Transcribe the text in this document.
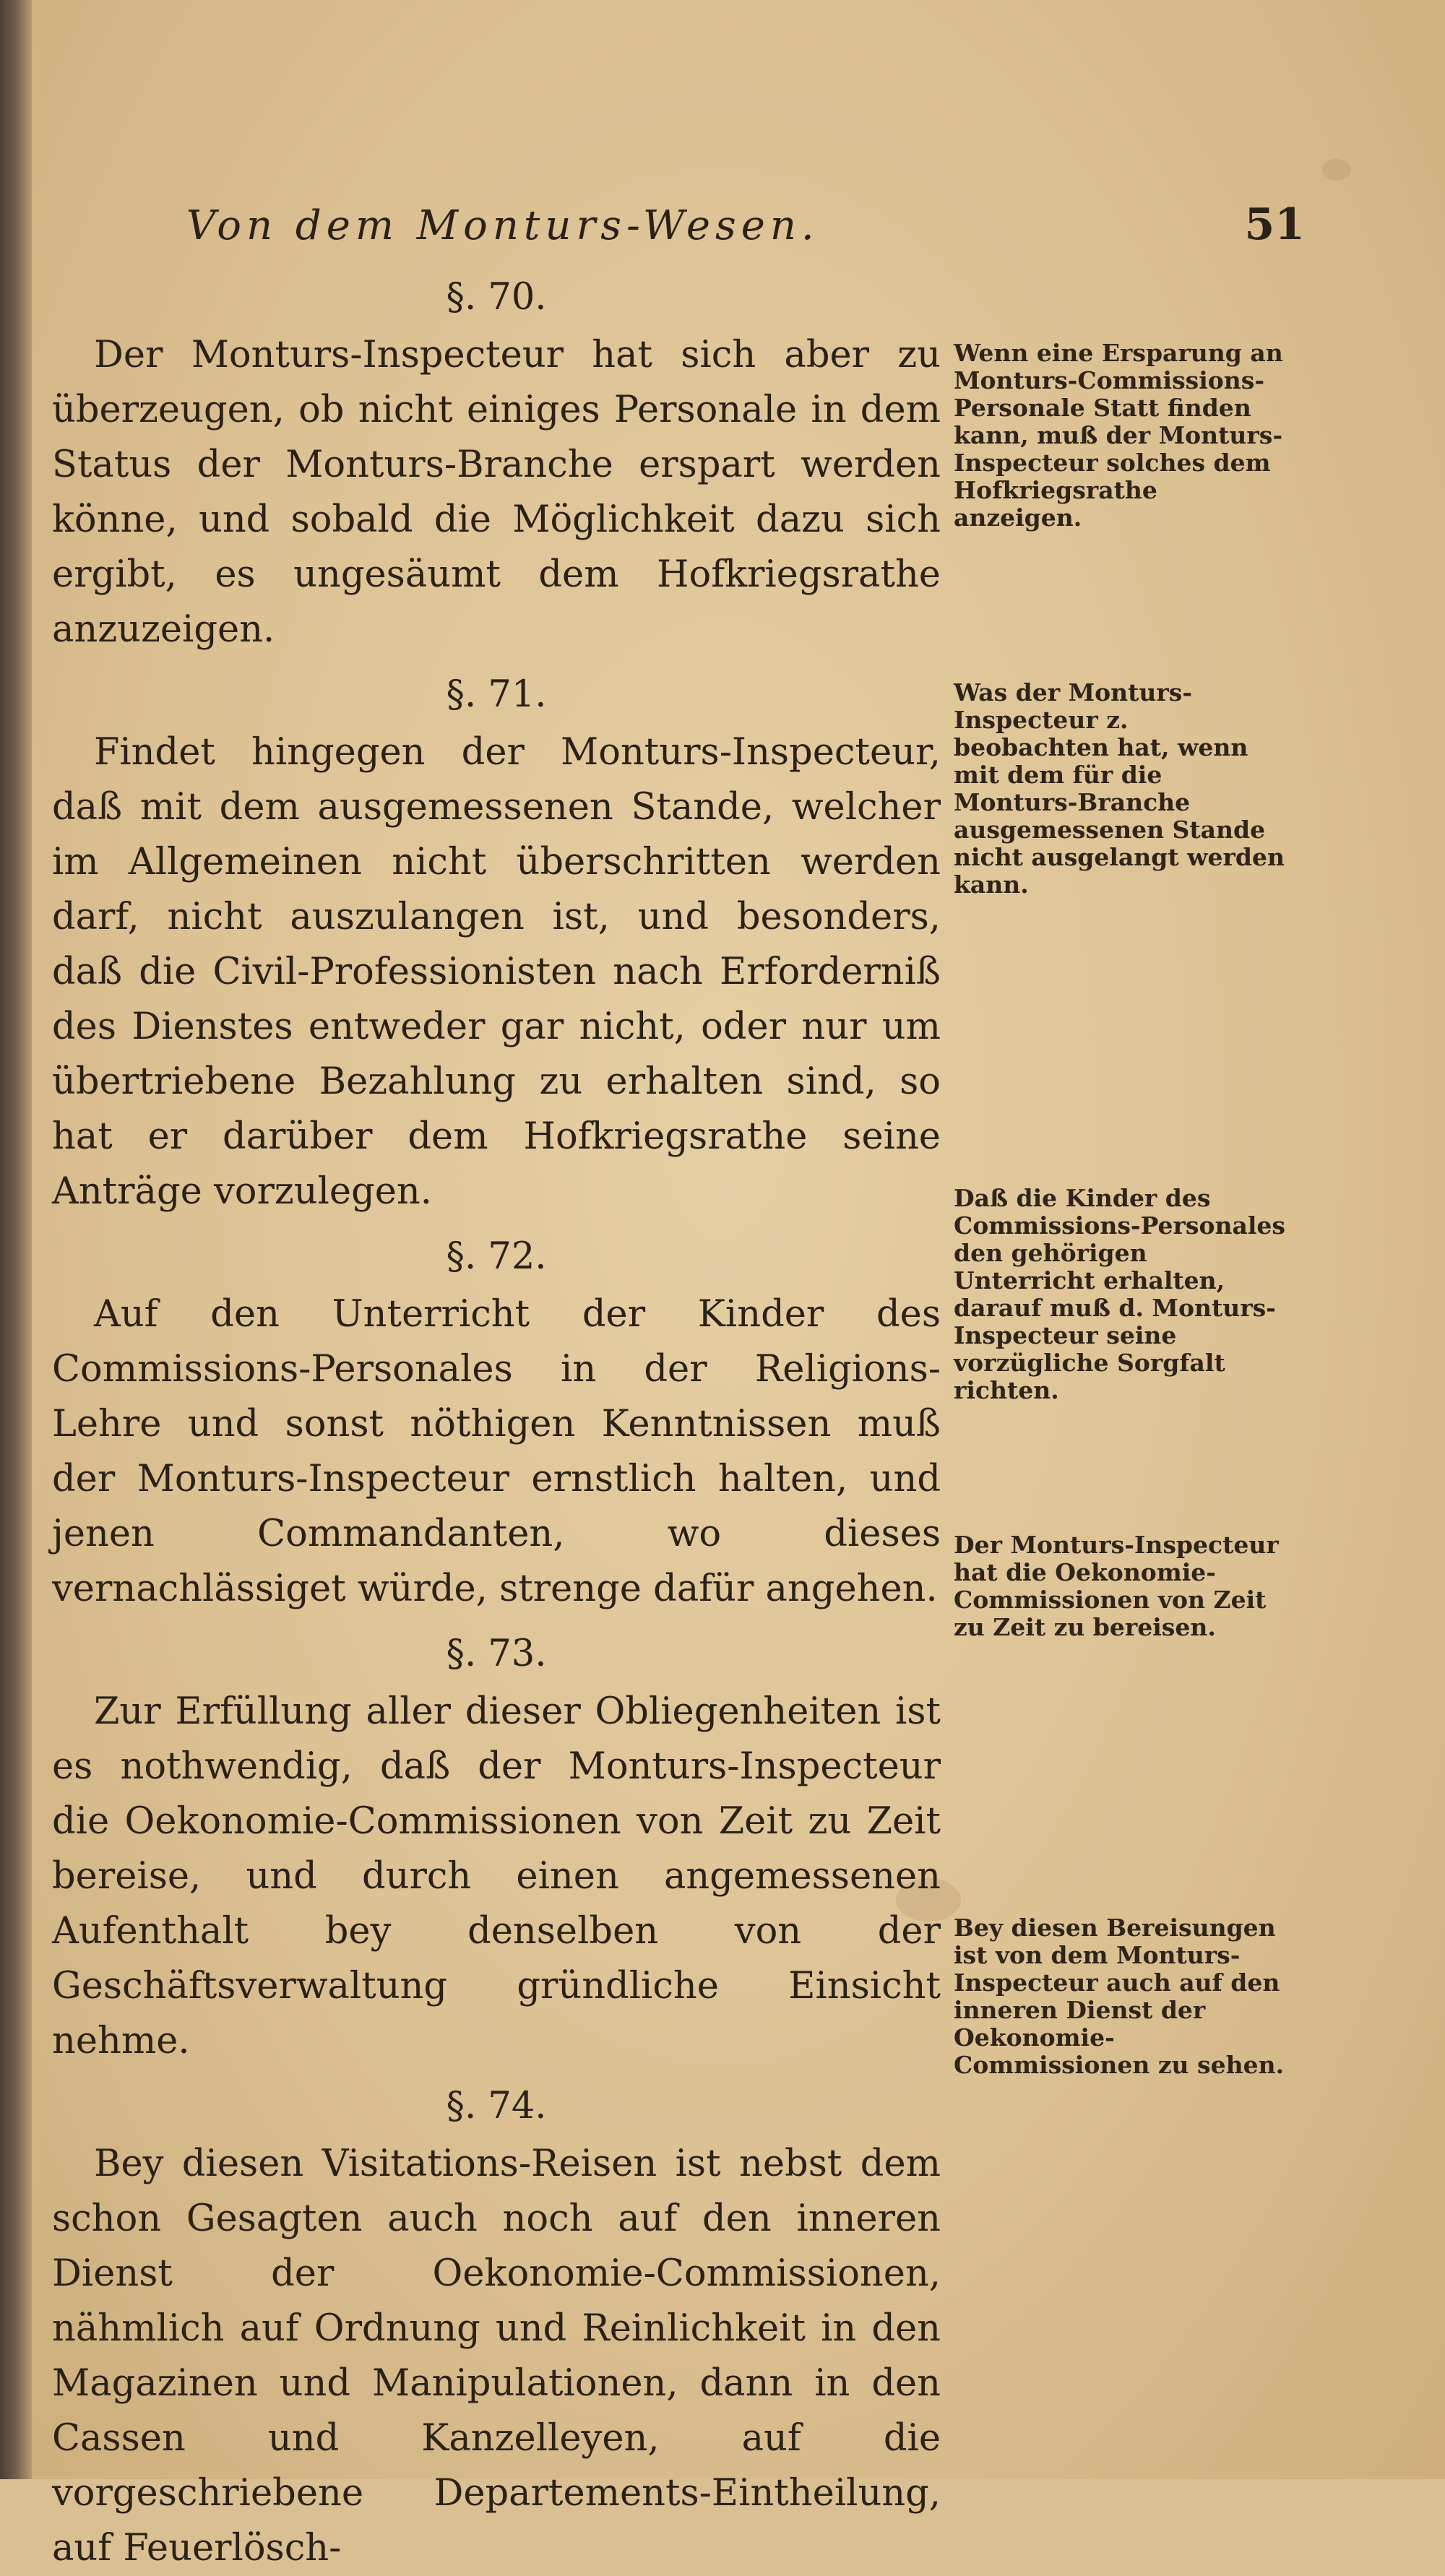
Von dem Monturs-Wesen.	51
§. 70.
Der Monturs-Inspecteur hat sich aber zu überzeugen, ob nicht einiges Personale in dem Status der Monturs-Branche erspart werden könne, und sobald die Möglichkeit dazu sich ergibt, es ungesäumt dem Hofkriegsrathe anzuzeigen.
§. 71.
Findet hingegen der Monturs-Inspecteur, daß mit dem ausgemessenen Stande, welcher im Allgemeinen nicht überschritten werden darf, nicht auszulangen ist, und besonders, daß die Civil-Professionisten nach Erforderniß des Dienstes entweder gar nicht, oder nur um übertriebene Bezahlung zu erhalten sind, so hat er darüber dem Hofkriegsrathe seine Anträge vorzulegen.
§. 72.
Auf den Unterricht der Kinder des Commissions-Personales in der Religions-Lehre und sonst nöthigen Kenntnissen muß der Monturs-Inspecteur ernstlich halten, und jenen Commandanten, wo dieses vernachlässiget würde, strenge dafür angehen.
§. 73.
Zur Erfüllung aller dieser Obliegenheiten ist es nothwendig, daß der Monturs-Inspecteur die Oekonomie-Commissionen von Zeit zu Zeit bereise, und durch einen angemessenen Aufenthalt bey denselben von der Geschäftsverwaltung gründliche Einsicht nehme.
§. 74.
Bey diesen Visitations-Reisen ist nebst dem schon Gesagten auch noch auf den inneren Dienst der Oekonomie-Commissionen, nähmlich auf Ordnung und Reinlichkeit in den Magazinen und Manipulationen, dann in den Cassen und Kanzelleyen, auf die vorgeschriebene Departements-Eintheilung, auf Feuerlösch-
Wenn eine Ersparung an Monturs-Commissions-Personale Statt finden kann, muß der Monturs-Inspecteur solches dem Hofkriegsrathe anzeigen.
Was der Monturs-Inspecteur z. beobachten hat, wenn mit dem für die Monturs-Branche ausgemessenen Stande nicht ausgelangt werden kann.
Daß die Kinder des Commissions-Personales den gehörigen Unterricht erhalten, darauf muß d. Monturs-Inspecteur seine vorzügliche Sorgfalt richten.
Der Monturs-Inspecteur hat die Oekonomie-Commissionen von Zeit zu Zeit zu bereisen.
Bey diesen Bereisungen ist von dem Monturs-Inspecteur auch auf den inneren Dienst der Oekonomie-Commissionen zu sehen.
